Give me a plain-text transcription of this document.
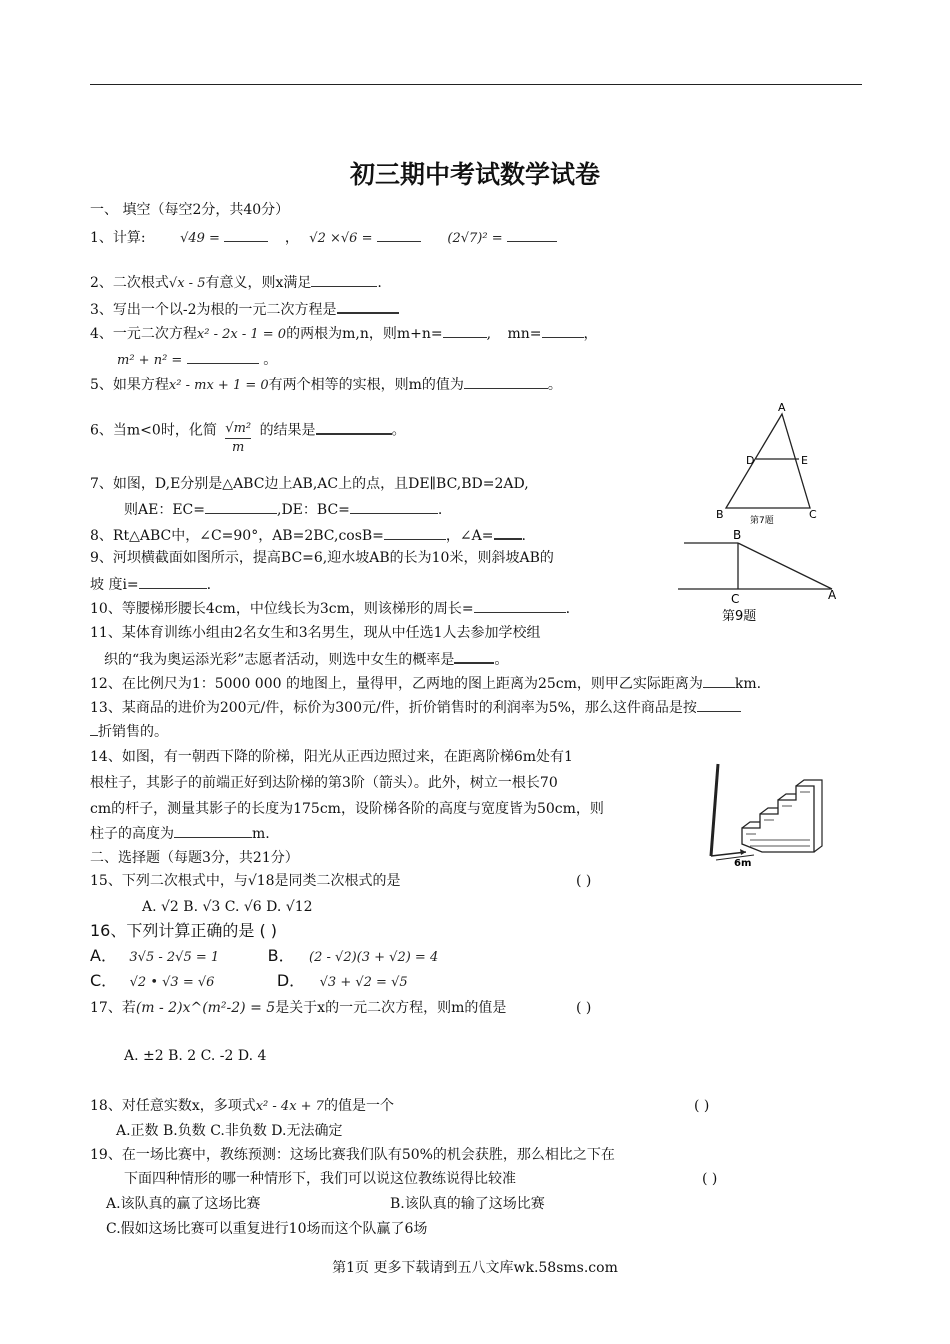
初三期中考试数学试卷
一、 填空（每空2分，共40分）
1、计算:	√49 =	， √2 ×√6 =	(2√7)² =
2、二次根式√x - 5有意义，则x满足	.
3、写出一个以-2为根的一元二次方程是
4、一元二次方程x² - 2x - 1 = 0的两根为m,n，则m+n=	, mn=	，
m² + n² =	。
5、如果方程x² - mx + 1 = 0有两个相等的实根，则m的值为	。
6、当m<0时，化简 $\frac{\text{√m²}}{m}$ 的结果是	。
7、如图，D,E分别是△ABC边上AB,AC上的点，且DE∥BC,BD=2AD,
则AE：EC=	,DE：BC=	.
8、Rt△ABC中，∠C=90°，AB=2BC,cosB=	，∠A= .
9、河坝横截面如图所示，提高BC=6,迎水坡AB的长为10米，则斜坡AB的
坡 度i=	.
10、等腰梯形腰长4cm，中位线长为3cm，则该梯形的周长=	.
11、某体育训练小组由2名女生和3名男生，现从中任选1人去参加学校组
织的“我为奥运添光彩”志愿者活动，则选中女生的概率是	。
12、在比例尺为1：5000 000 的地图上，量得甲，乙两地的图上距离为25cm，则甲乙实际距离为 km.
13、某商品的进价为200元/件，标价为300元/件，折价销售时的利润率为5%，那么这件商品是按
折销售的。
14、如图，有一朝西下降的阶梯，阳光从正西边照过来，在距离阶梯6m处有1
根柱子，其影子的前端正好到达阶梯的第3阶（箭头）。此外，树立一根长70
cm的杆子，测量其影子的长度为175cm，设阶梯各阶的高度与宽度皆为50cm，则
柱子的高度为	m.
二、选择题（每题3分，共21分）
15、下列二次根式中，与√18是同类二次根式的是	( )
A. √2 B. √3 C. √6 D. √12
16、下列计算正确的是 ( )
A． 3√5 - 2√5 = 1	B． (2 - √2)(3 + √2) = 4
C． √2 • √3 = √6	D． √3 + √2 = √5
17、若(m - 2)x^(m²-2) = 5是关于x的一元二次方程，则m的值是	( )
A. ±2 B. 2 C. -2 D. 4
18、对任意实数x，多项式x² - 4x + 7的值是一个	( )
A.正数 B.负数 C.非负数 D.无法确定
19、在一场比赛中，教练预测：这场比赛我们队有50%的机会获胜，那么相比之下在
下面四种情形的哪一种情形下，我们可以说这位教练说得比较准	( )
A.该队真的赢了这场比赛	B.该队真的输了这场比赛
C.假如这场比赛可以重复进行10场而这个队赢了6场
A
D	E
B	C
第7题
B
C	A
第9题
6m
第1页 更多下载请到五八文库wk.58sms.com
